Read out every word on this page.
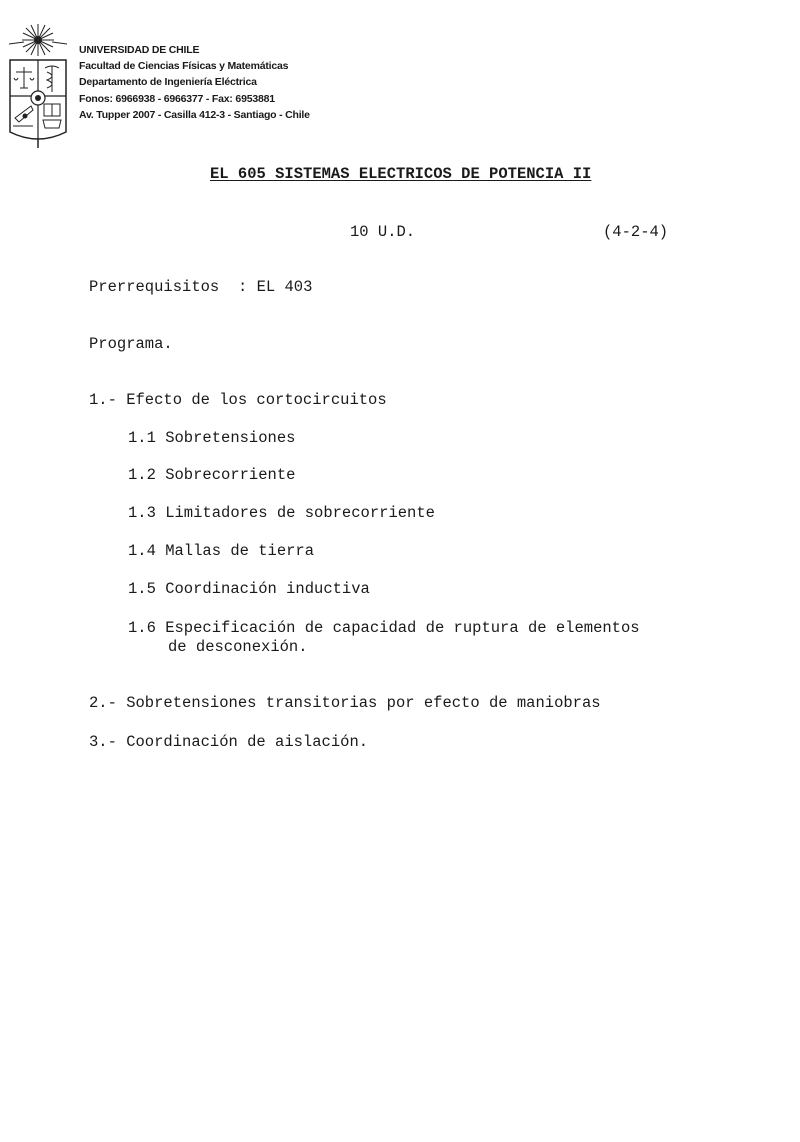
UNIVERSIDAD DE CHILE
Facultad de Ciencias Físicas y Matemáticas
Departamento de Ingeniería Eléctrica
Fonos: 6966938 - 6966377 - Fax: 6953881
Av. Tupper 2007 - Casilla 412-3 - Santiago - Chile
EL 605 SISTEMAS ELECTRICOS DE POTENCIA II
10 U.D.	(4-2-4)
Prerrequisitos : EL 403
Programa.
1.- Efecto de los cortocircuitos
1.1 Sobretensiones
1.2 Sobrecorriente
1.3 Limitadores de sobrecorriente
1.4 Mallas de tierra
1.5 Coordinación inductiva
1.6 Especificación de capacidad de ruptura de elementos
de desconexión.
2.- Sobretensiones transitorias por efecto de maniobras
3.- Coordinación de aislación.
